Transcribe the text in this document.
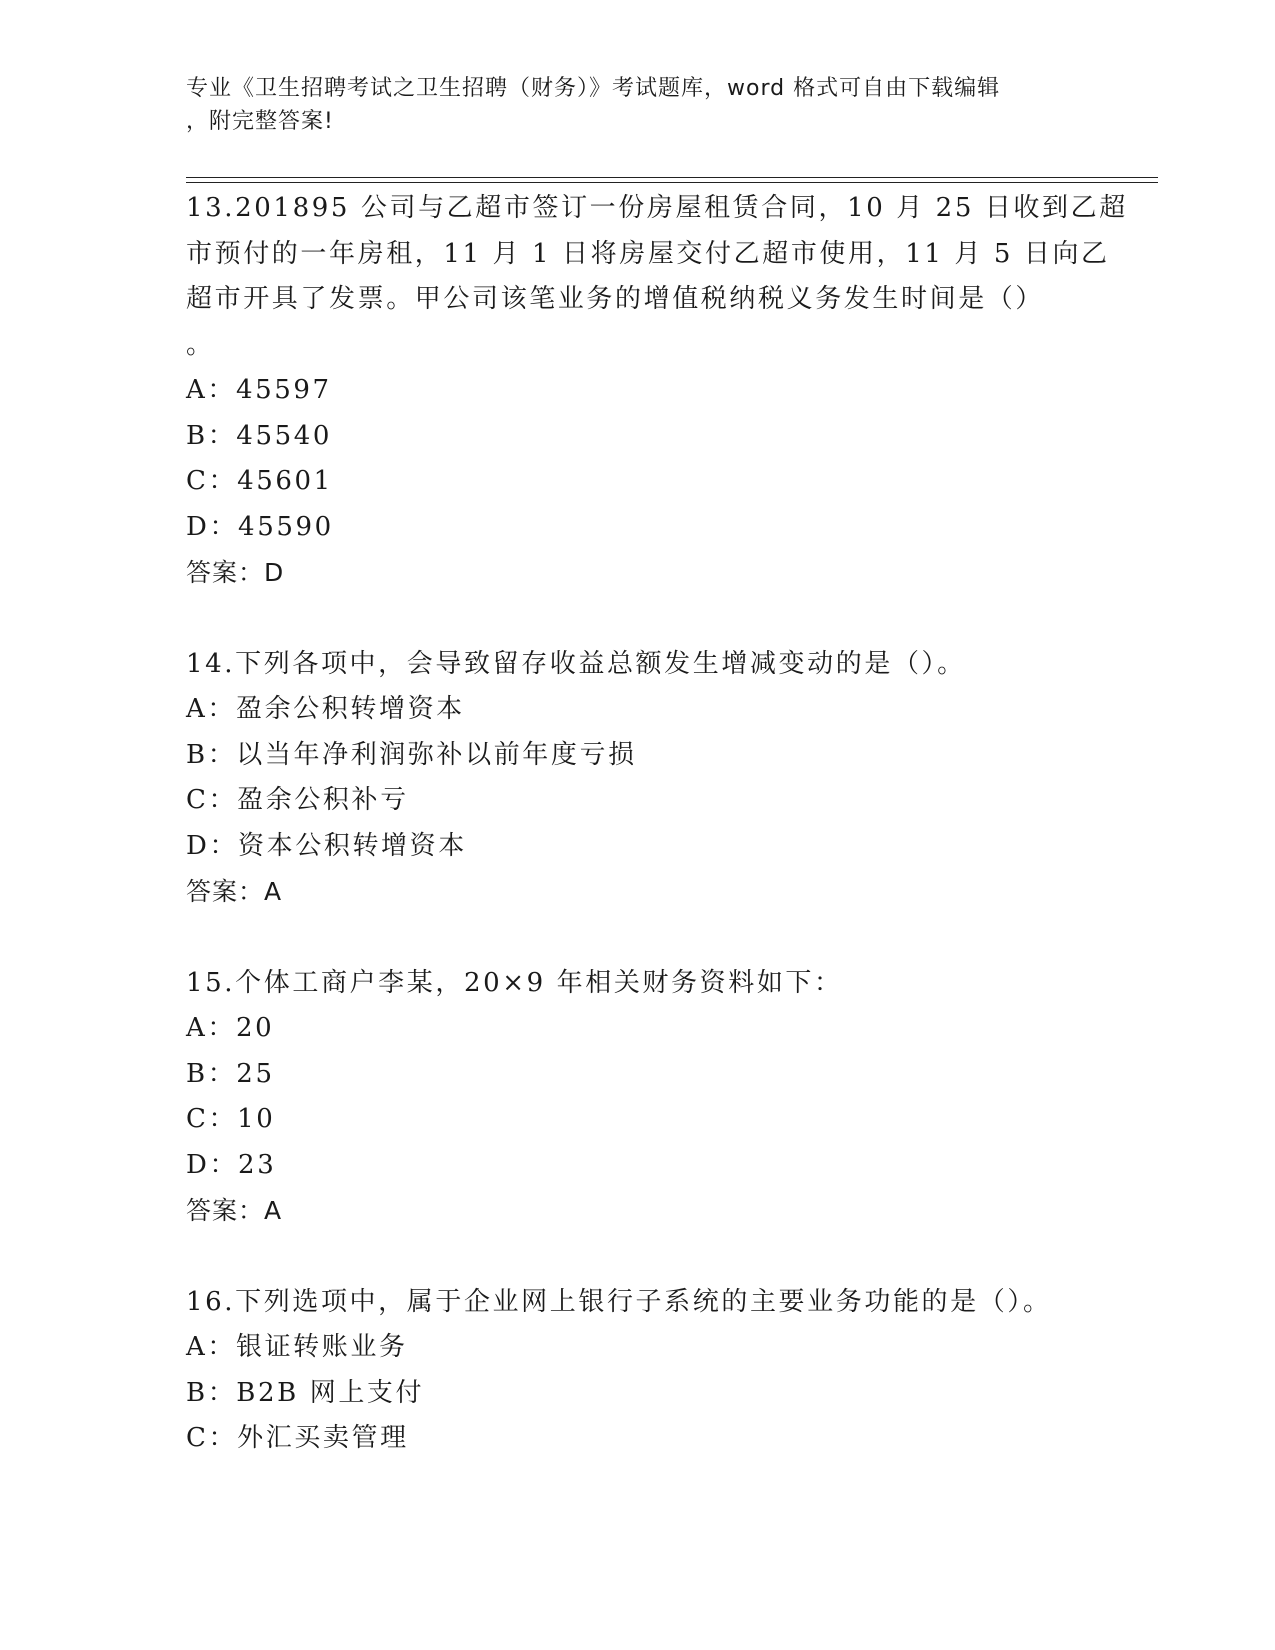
专业《卫生招聘考试之卫生招聘（财务）》考试题库，word 格式可自由下载编辑
，附完整答案!
13.201895 公司与乙超市签订一份房屋租赁合同，10 月 25 日收到乙超
市预付的一年房租，11 月 1 日将房屋交付乙超市使用，11 月 5 日向乙
超市开具了发票。甲公司该笔业务的增值税纳税义务发生时间是（）
。
A：45597
B：45540
C：45601
D：45590
答案：D
14.下列各项中，会导致留存收益总额发生增减变动的是（）。
A：盈余公积转增资本
B：以当年净利润弥补以前年度亏损
C：盈余公积补亏
D：资本公积转增资本
答案：A
15.个体工商户李某，20×9 年相关财务资料如下：
A：20
B：25
C：10
D：23
答案：A
16.下列选项中，属于企业网上银行子系统的主要业务功能的是（）。
A：银证转账业务
B：B2B 网上支付
C：外汇买卖管理
